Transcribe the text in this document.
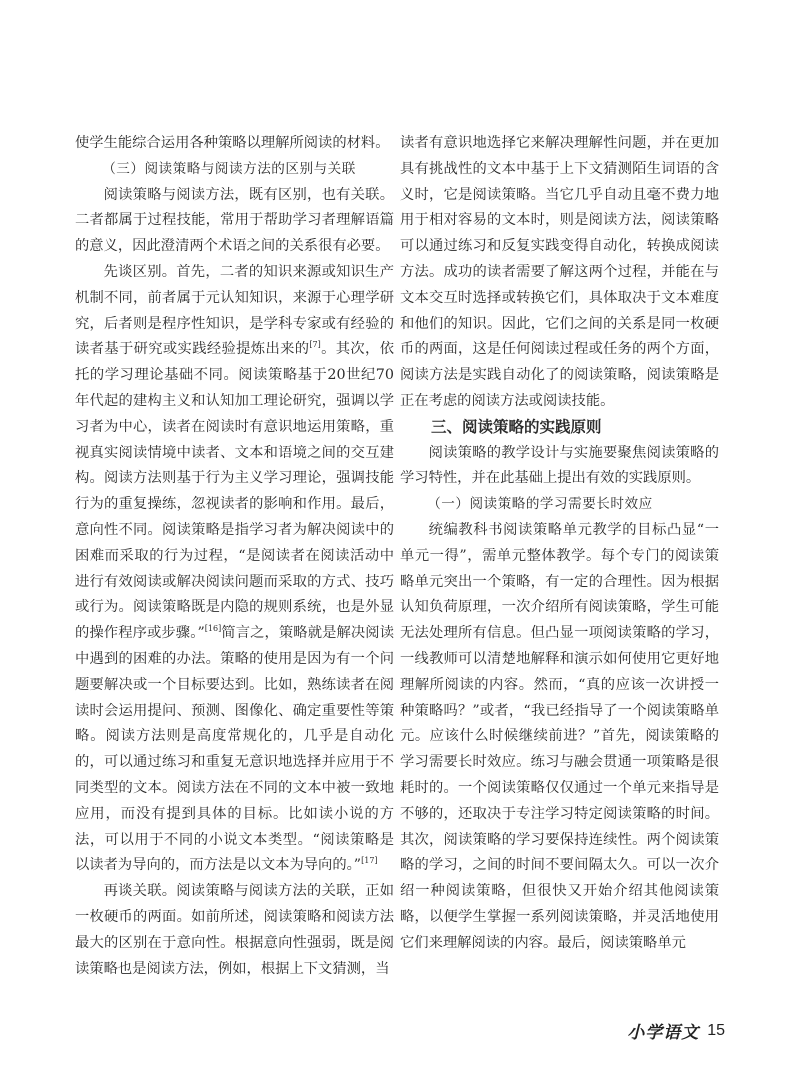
使学生能综合运用各种策略以理解所阅读的材料。

（三）阅读策略与阅读方法的区别与关联

阅读策略与阅读方法，既有区别，也有关联。二者都属于过程技能，常用于帮助学习者理解语篇的意义，因此澄清两个术语之间的关系很有必要。

先谈区别。首先，二者的知识来源或知识生产机制不同，前者属于元认知知识，来源于心理学研究，后者则是程序性知识，是学科专家或有经验的读者基于研究或实践经验提炼出来的[7]。其次，依托的学习理论基础不同。阅读策略基于20世纪70年代起的建构主义和认知加工理论研究，强调以学习者为中心，读者在阅读时有意识地运用策略，重视真实阅读情境中读者、文本和语境之间的交互建构。阅读方法则基于行为主义学习理论，强调技能行为的重复操练，忽视读者的影响和作用。最后，意向性不同。阅读策略是指学习者为解决阅读中的困难而采取的行为过程，“是阅读者在阅读活动中进行有效阅读或解决阅读问题而采取的方式、技巧或行为。阅读策略既是内隐的规则系统，也是外显的操作程序或步骤。”[16]简言之，策略就是解决阅读中遇到的困难的办法。策略的使用是因为有一个问题要解决或一个目标要达到。比如，熟练读者在阅读时会运用提问、预测、图像化、确定重要性等策略。阅读方法则是高度常规化的，几乎是自动化的，可以通过练习和重复无意识地选择并应用于不同类型的文本。阅读方法在不同的文本中被一致地应用，而没有提到具体的目标。比如读小说的方法，可以用于不同的小说文本类型。“阅读策略是以读者为导向的，而方法是以文本为导向的。”[17]

再谈关联。阅读策略与阅读方法的关联，正如一枚硬币的两面。如前所述，阅读策略和阅读方法最大的区别在于意向性。根据意向性强弱，既是阅读策略也是阅读方法，例如，根据上下文猜测，当

读者有意识地选择它来解决理解性问题，并在更加具有挑战性的文本中基于上下文猜测陌生词语的含义时，它是阅读策略。当它几乎自动且毫不费力地用于相对容易的文本时，则是阅读方法，阅读策略可以通过练习和反复实践变得自动化，转换成阅读方法。成功的读者需要了解这两个过程，并能在与文本交互时选择或转换它们，具体取决于文本难度和他们的知识。因此，它们之间的关系是同一枚硬币的两面，这是任何阅读过程或任务的两个方面，阅读方法是实践自动化了的阅读策略，阅读策略是正在考虑的阅读方法或阅读技能。

三、阅读策略的实践原则

阅读策略的教学设计与实施要聚焦阅读策略的学习特性，并在此基础上提出有效的实践原则。

（一）阅读策略的学习需要长时效应

统编教科书阅读策略单元教学的目标凸显“一单元一得”，需单元整体教学。每个专门的阅读策略单元突出一个策略，有一定的合理性。因为根据认知负荷原理，一次介绍所有阅读策略，学生可能无法处理所有信息。但凸显一项阅读策略的学习，一线教师可以清楚地解释和演示如何使用它更好地理解所阅读的内容。然而，“真的应该一次讲授一种策略吗？”或者，“我已经指导了一个阅读策略单元。应该什么时候继续前进？”首先，阅读策略的学习需要长时效应。练习与融会贯通一项策略是很耗时的。一个阅读策略仅仅通过一个单元来指导是不够的，还取决于专注学习特定阅读策略的时间。其次，阅读策略的学习要保持连续性。两个阅读策略的学习，之间的时间不要间隔太久。可以一次介绍一种阅读策略，但很快又开始介绍其他阅读策略，以便学生掌握一系列阅读策略，并灵活地使用它们来理解阅读的内容。最后，阅读策略单元

小学语文 15
